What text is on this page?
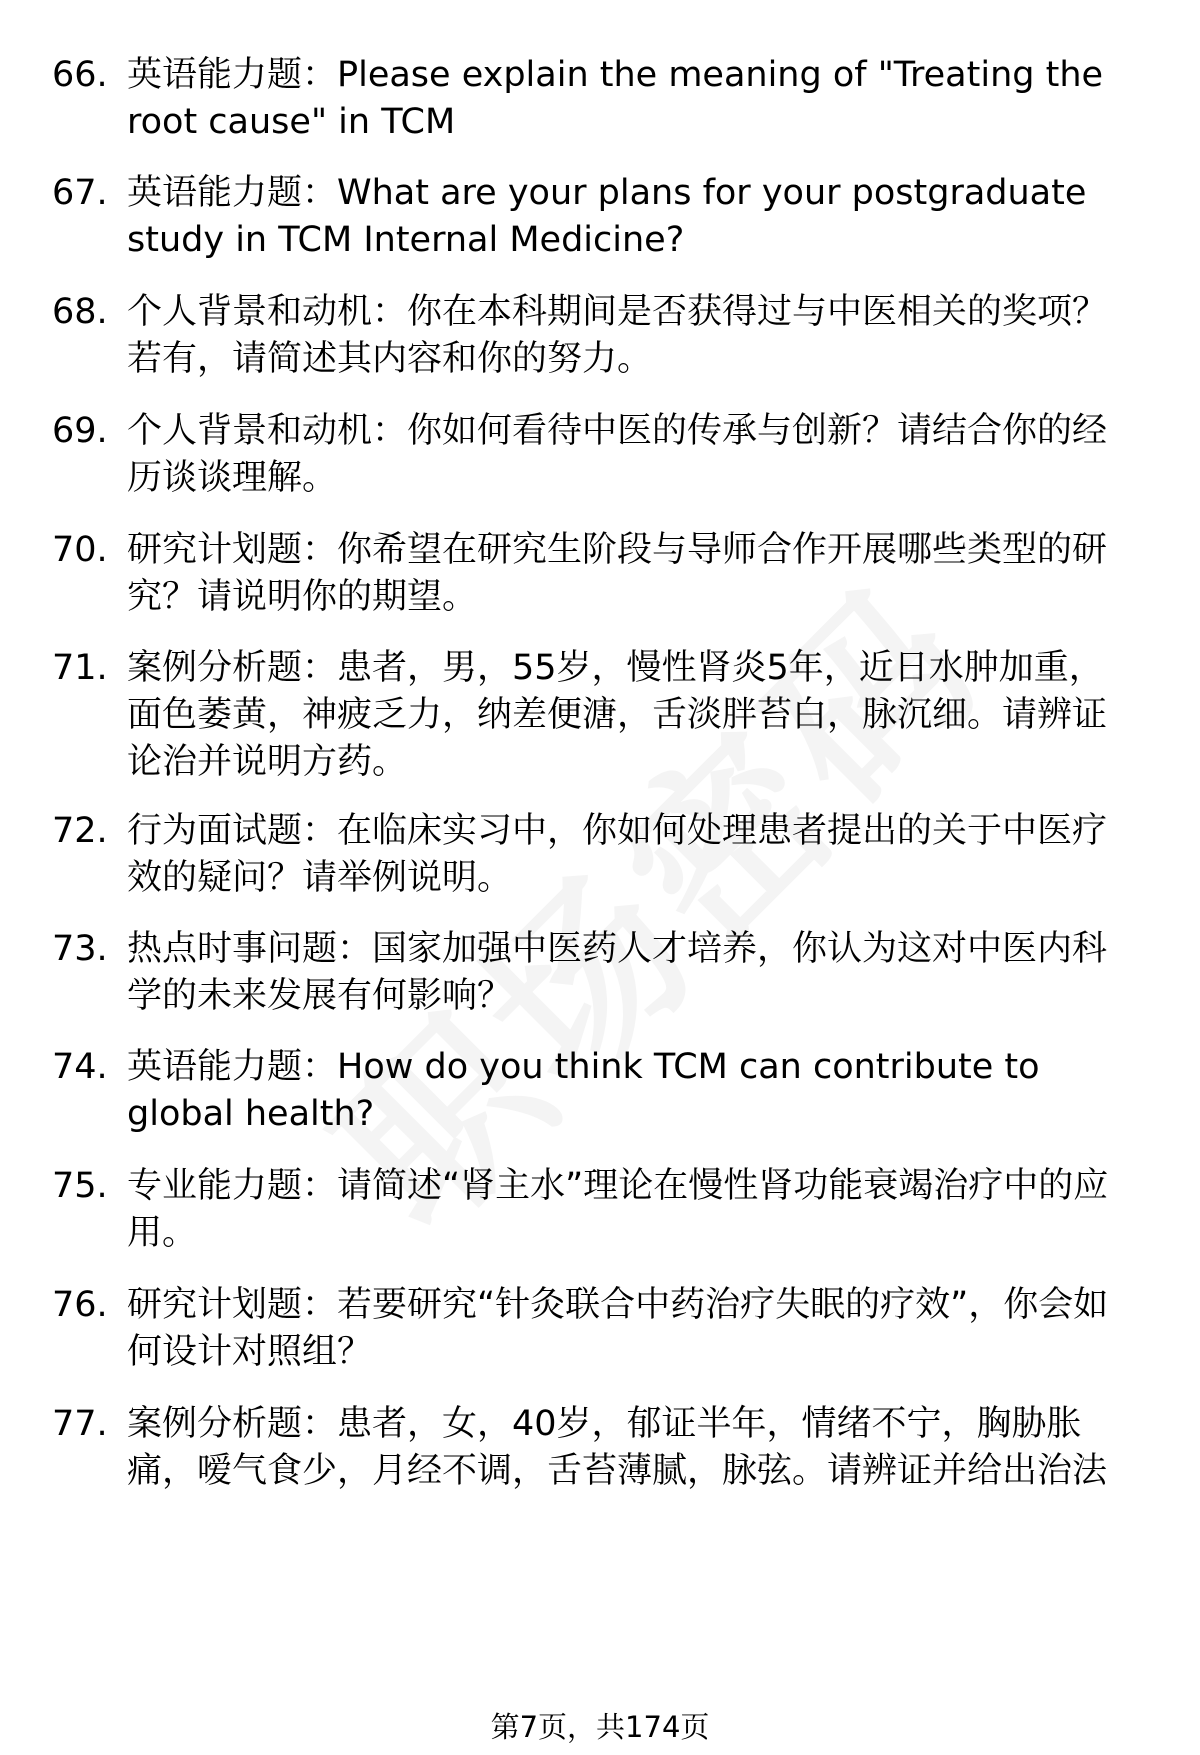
66. 英语能力题：Please explain the meaning of "Treating the root cause" in TCM
67. 英语能力题：What are your plans for your postgraduate study in TCM Internal Medicine?
68. 个人背景和动机：你在本科期间是否获得过与中医相关的奖项？若有，请简述其内容和你的努力。
69. 个人背景和动机：你如何看待中医的传承与创新？请结合你的经历谈谈理解。
70. 研究计划题：你希望在研究生阶段与导师合作开展哪些类型的研究？请说明你的期望。
71. 案例分析题：患者，男，55岁，慢性肾炎5年，近日水肿加重，面色萎黄，神疲乏力，纳差便溏，舌淡胖苔白，脉沉细。请辨证论治并说明方药。
72. 行为面试题：在临床实习中，你如何处理患者提出的关于中医疗效的疑问？请举例说明。
73. 热点时事问题：国家加强中医药人才培养，你认为这对中医内科学的未来发展有何影响？
74. 英语能力题：How do you think TCM can contribute to global health?
75. 专业能力题：请简述“肾主水”理论在慢性肾功能衰竭治疗中的应用。
76. 研究计划题：若要研究“针灸联合中药治疗失眠的疗效”，你会如何设计对照组？
77. 案例分析题：患者，女，40岁，郁证半年，情绪不宁，胸胁胀痛，嗳气食少，月经不调，舌苔薄腻，脉弦。请辨证并给出治法
第7页，共174页
